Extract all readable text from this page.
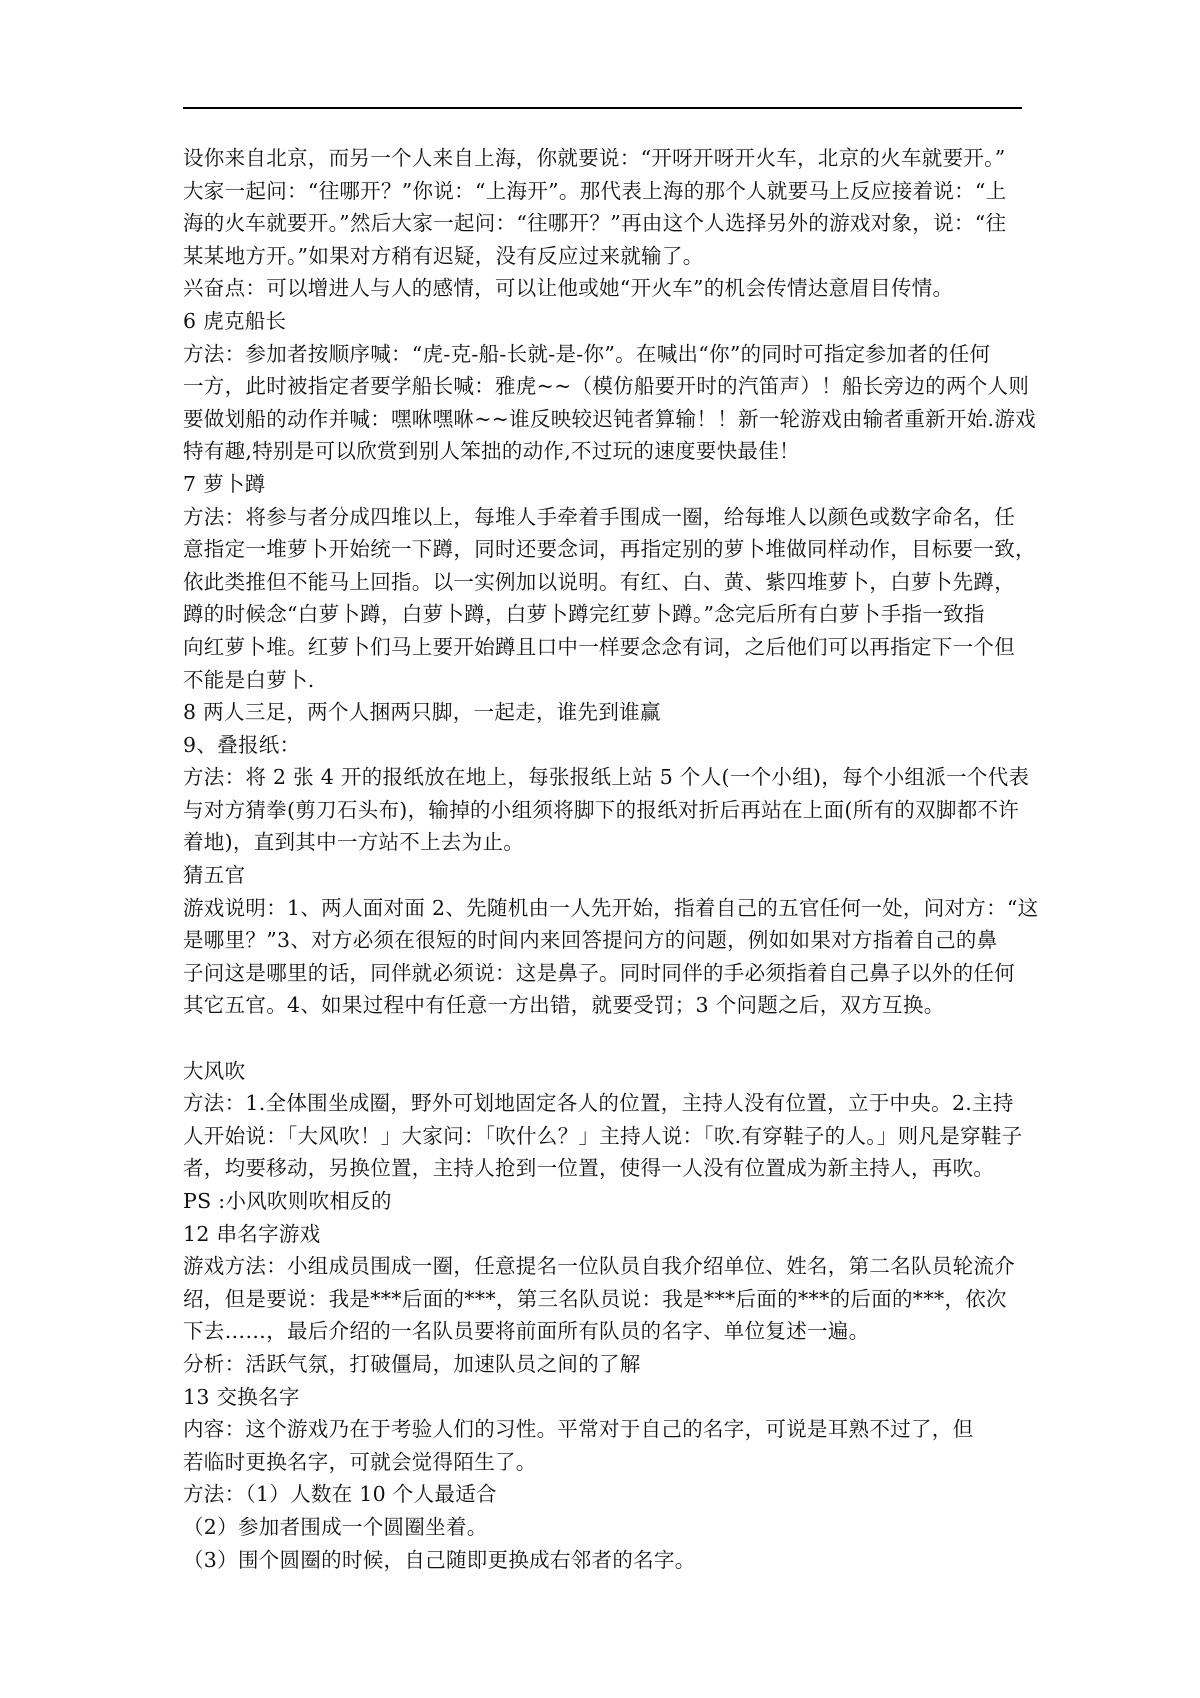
设你来自北京，而另一个人来自上海，你就要说：“开呀开呀开火车，北京的火车就要开。”
大家一起问：“往哪开？”你说：“上海开”。那代表上海的那个人就要马上反应接着说：“上
海的火车就要开。”然后大家一起问：“往哪开？”再由这个人选择另外的游戏对象，说：“往
某某地方开。”如果对方稍有迟疑，没有反应过来就输了。
兴奋点：可以增进人与人的感情，可以让他或她“开火车”的机会传情达意眉目传情。
6 虎克船长
方法：参加者按顺序喊：“虎-克-船-长就-是-你”。在喊出“你”的同时可指定参加者的任何
一方，此时被指定者要学船长喊：雅虎~~（模仿船要开时的汽笛声）！船长旁边的两个人则
要做划船的动作并喊：嘿咻嘿咻~~谁反映较迟钝者算输！！新一轮游戏由输者重新开始.游戏
特有趣,特别是可以欣赏到别人笨拙的动作,不过玩的速度要快最佳！
7 萝卜蹲
方法：将参与者分成四堆以上，每堆人手牵着手围成一圈，给每堆人以颜色或数字命名，任
意指定一堆萝卜开始统一下蹲，同时还要念词，再指定别的萝卜堆做同样动作，目标要一致，
依此类推但不能马上回指。以一实例加以说明。有红、白、黄、紫四堆萝卜，白萝卜先蹲，
蹲的时候念“白萝卜蹲，白萝卜蹲，白萝卜蹲完红萝卜蹲。”念完后所有白萝卜手指一致指
向红萝卜堆。红萝卜们马上要开始蹲且口中一样要念念有词，之后他们可以再指定下一个但
不能是白萝卜.
8 两人三足，两个人捆两只脚，一起走，谁先到谁赢
9、叠报纸：
方法：将 2 张 4 开的报纸放在地上，每张报纸上站 5 个人(一个小组)，每个小组派一个代表
与对方猜拳(剪刀石头布)，输掉的小组须将脚下的报纸对折后再站在上面(所有的双脚都不许
着地)，直到其中一方站不上去为止。
猜五官
游戏说明：1、两人面对面 2、先随机由一人先开始，指着自己的五官任何一处，问对方：“这
是哪里？”3、对方必须在很短的时间内来回答提问方的问题，例如如果对方指着自己的鼻
子问这是哪里的话，同伴就必须说：这是鼻子。同时同伴的手必须指着自己鼻子以外的任何
其它五官。4、如果过程中有任意一方出错，就要受罚；3 个问题之后，双方互换。
大风吹
方法：1.全体围坐成圈，野外可划地固定各人的位置，主持人没有位置，立于中央。2.主持
人开始说：「大风吹！」大家问：「吹什么？」主持人说：「吹.有穿鞋子的人。」则凡是穿鞋子
者，均要移动，另换位置，主持人抢到一位置，使得一人没有位置成为新主持人，再吹。
PS :小风吹则吹相反的
12 串名字游戏
游戏方法：小组成员围成一圈，任意提名一位队员自我介绍单位、姓名，第二名队员轮流介
绍，但是要说：我是***后面的***，第三名队员说：我是***后面的***的后面的***，依次
下去……，最后介绍的一名队员要将前面所有队员的名字、单位复述一遍。
分析：活跃气氛，打破僵局，加速队员之间的了解
13 交换名字
内容：这个游戏乃在于考验人们的习性。平常对于自己的名字，可说是耳熟不过了，但
若临时更换名字，可就会觉得陌生了。
方法：（1）人数在 10 个人最适合
（2）参加者围成一个圆圈坐着。
（3）围个圆圈的时候，自己随即更换成右邻者的名字。
